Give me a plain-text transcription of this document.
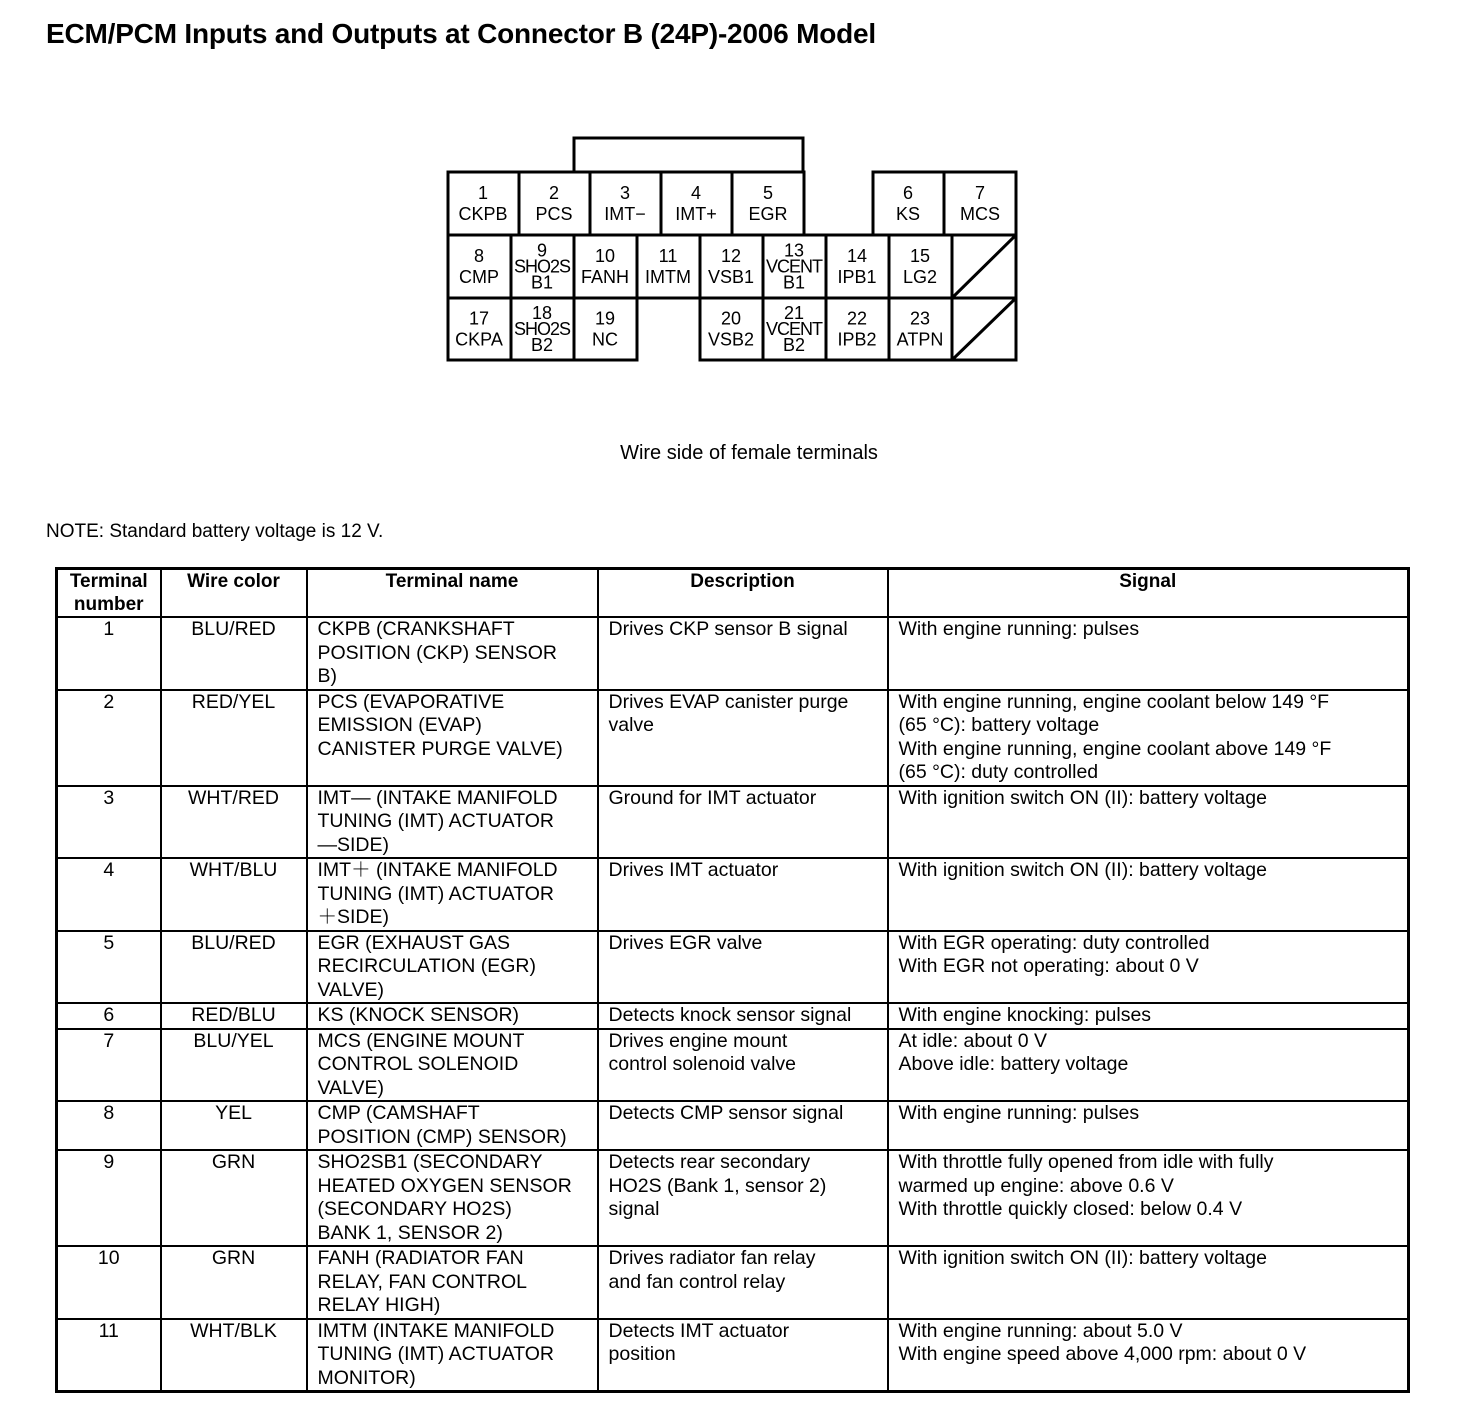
ECM/PCM Inputs and Outputs at Connector B (24P)-2006 Model
1
CKPB
2
PCS
3
IMT−
4
IMT+
5
EGR
6
KS
7
MCS
8
CMP
9
SHO2S
B1
10
FANH
11
IMTM
12
VSB1
13
VCENT
B1
14
IPB1
15
LG2
17
CKPA
18
SHO2S
B2
19
NC
20
VSB2
21
VCENT
B2
22
IPB2
23
ATPN
Wire side of female terminals
NOTE: Standard battery voltage is 12 V.
Terminal number	Wire color	Terminal name	Description	Signal
1	BLU/RED	CKPB (CRANKSHAFT
POSITION (CKP) SENSOR
B)	Drives CKP sensor B signal	With engine running: pulses

2	RED/YEL	PCS (EVAPORATIVE
EMISSION (EVAP)
CANISTER PURGE VALVE)	Drives EVAP canister purge
valve	With engine running, engine coolant below 149 °F
(65 °C): battery voltage
With engine running, engine coolant above 149 °F
(65 °C): duty controlled

3	WHT/RED	IMT— (INTAKE MANIFOLD
TUNING (IMT) ACTUATOR
—SIDE)	Ground for IMT actuator	With ignition switch ON (II): battery voltage

4	WHT/BLU	IMT＋ (INTAKE MANIFOLD
TUNING (IMT) ACTUATOR
＋SIDE)	Drives IMT actuator	With ignition switch ON (II): battery voltage

5	BLU/RED	EGR (EXHAUST GAS
RECIRCULATION (EGR)
VALVE)	Drives EGR valve	With EGR operating: duty controlled
With EGR not operating: about 0 V

6	RED/BLU	KS (KNOCK SENSOR)	Detects knock sensor signal	With engine knocking: pulses

7	BLU/YEL	MCS (ENGINE MOUNT
CONTROL SOLENOID
VALVE)	Drives engine mount
control solenoid valve	At idle: about 0 V
Above idle: battery voltage

8	YEL	CMP (CAMSHAFT
POSITION (CMP) SENSOR)	Detects CMP sensor signal	With engine running: pulses

9	GRN	SHO2SB1 (SECONDARY
HEATED OXYGEN SENSOR
(SECONDARY HO2S)
BANK 1, SENSOR 2)	Detects rear secondary
HO2S (Bank 1, sensor 2)
signal	With throttle fully opened from idle with fully
warmed up engine: above 0.6 V
With throttle quickly closed: below 0.4 V

10	GRN	FANH (RADIATOR FAN
RELAY, FAN CONTROL
RELAY HIGH)	Drives radiator fan relay
and fan control relay	With ignition switch ON (II): battery voltage

11	WHT/BLK	IMTM (INTAKE MANIFOLD
TUNING (IMT) ACTUATOR
MONITOR)	Detects IMT actuator
position	With engine running: about 5.0 V
With engine speed above 4,000 rpm: about 0 V
